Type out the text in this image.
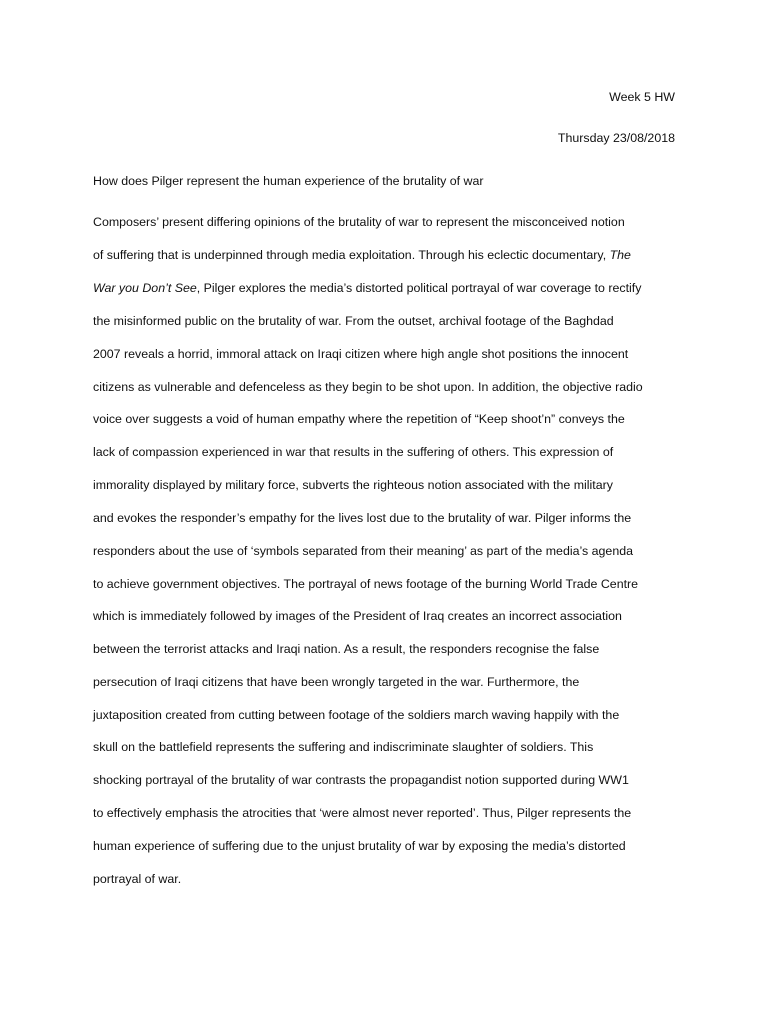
Week 5 HW
Thursday 23/08/2018
How does Pilger represent the human experience of the brutality of war
Composers’ present differing opinions of the brutality of war to represent the misconceived notion
of suffering that is underpinned through media exploitation. Through his eclectic documentary, The
War you Don’t See, Pilger explores the media’s distorted political portrayal of war coverage to rectify
the misinformed public on the brutality of war. From the outset, archival footage of the Baghdad
2007 reveals a horrid, immoral attack on Iraqi citizen where high angle shot positions the innocent
citizens as vulnerable and defenceless as they begin to be shot upon. In addition, the objective radio
voice over suggests a void of human empathy where the repetition of “Keep shoot’n” conveys the
lack of compassion experienced in war that results in the suffering of others. This expression of
immorality displayed by military force, subverts the righteous notion associated with the military
and evokes the responder’s empathy for the lives lost due to the brutality of war. Pilger informs the
responders about the use of ‘symbols separated from their meaning’ as part of the media’s agenda
to achieve government objectives. The portrayal of news footage of the burning World Trade Centre
which is immediately followed by images of the President of Iraq creates an incorrect association
between the terrorist attacks and Iraqi nation. As a result, the responders recognise the false
persecution of Iraqi citizens that have been wrongly targeted in the war. Furthermore, the
juxtaposition created from cutting between footage of the soldiers march waving happily with the
skull on the battlefield represents the suffering and indiscriminate slaughter of soldiers. This
shocking portrayal of the brutality of war contrasts the propagandist notion supported during WW1
to effectively emphasis the atrocities that ‘were almost never reported’. Thus, Pilger represents the
human experience of suffering due to the unjust brutality of war by exposing the media’s distorted
portrayal of war.
